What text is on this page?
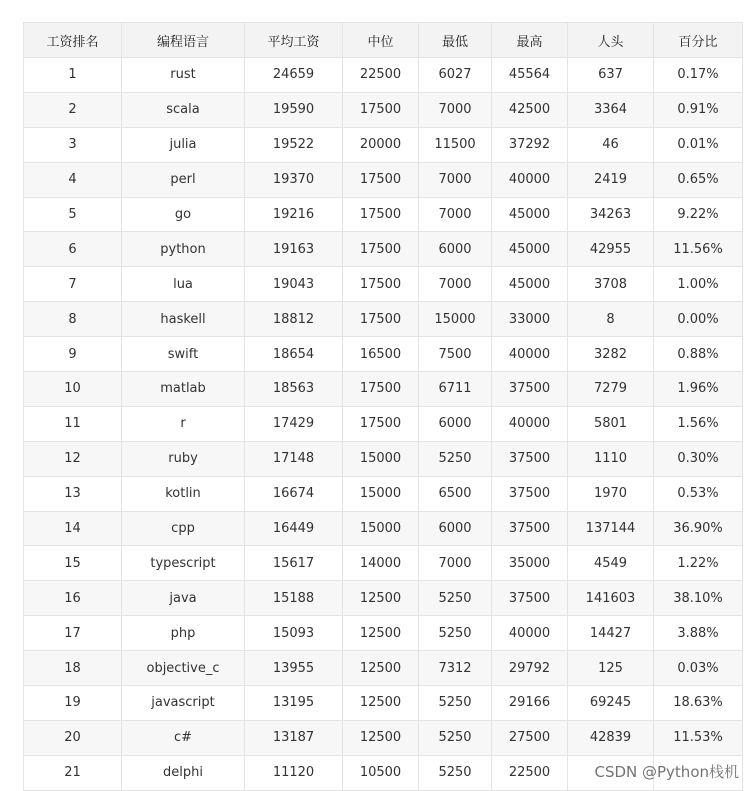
工资排名	编程语言	平均工资	中位	最低	最高	人头	百分比
1	rust	24659	22500	6027	45564	637	0.17%
2	scala	19590	17500	7000	42500	3364	0.91%
3	julia	19522	20000	11500	37292	46	0.01%
4	perl	19370	17500	7000	40000	2419	0.65%
5	go	19216	17500	7000	45000	34263	9.22%
6	python	19163	17500	6000	45000	42955	11.56%
7	lua	19043	17500	7000	45000	3708	1.00%
8	haskell	18812	17500	15000	33000	8	0.00%
9	swift	18654	16500	7500	40000	3282	0.88%
10	matlab	18563	17500	6711	37500	7279	1.96%
11	r	17429	17500	6000	40000	5801	1.56%
12	ruby	17148	15000	5250	37500	1110	0.30%
13	kotlin	16674	15000	6500	37500	1970	0.53%
14	cpp	16449	15000	6000	37500	137144	36.90%
15	typescript	15617	14000	7000	35000	4549	1.22%
16	java	15188	12500	5250	37500	141603	38.10%
17	php	15093	12500	5250	40000	14427	3.88%
18	objective_c	13955	12500	7312	29792	125	0.03%
19	javascript	13195	12500	5250	29166	69245	18.63%
20	c#	13187	12500	5250	27500	42839	11.53%
21	delphi	11120	10500	5250	22500			CSDN @Python栈机
